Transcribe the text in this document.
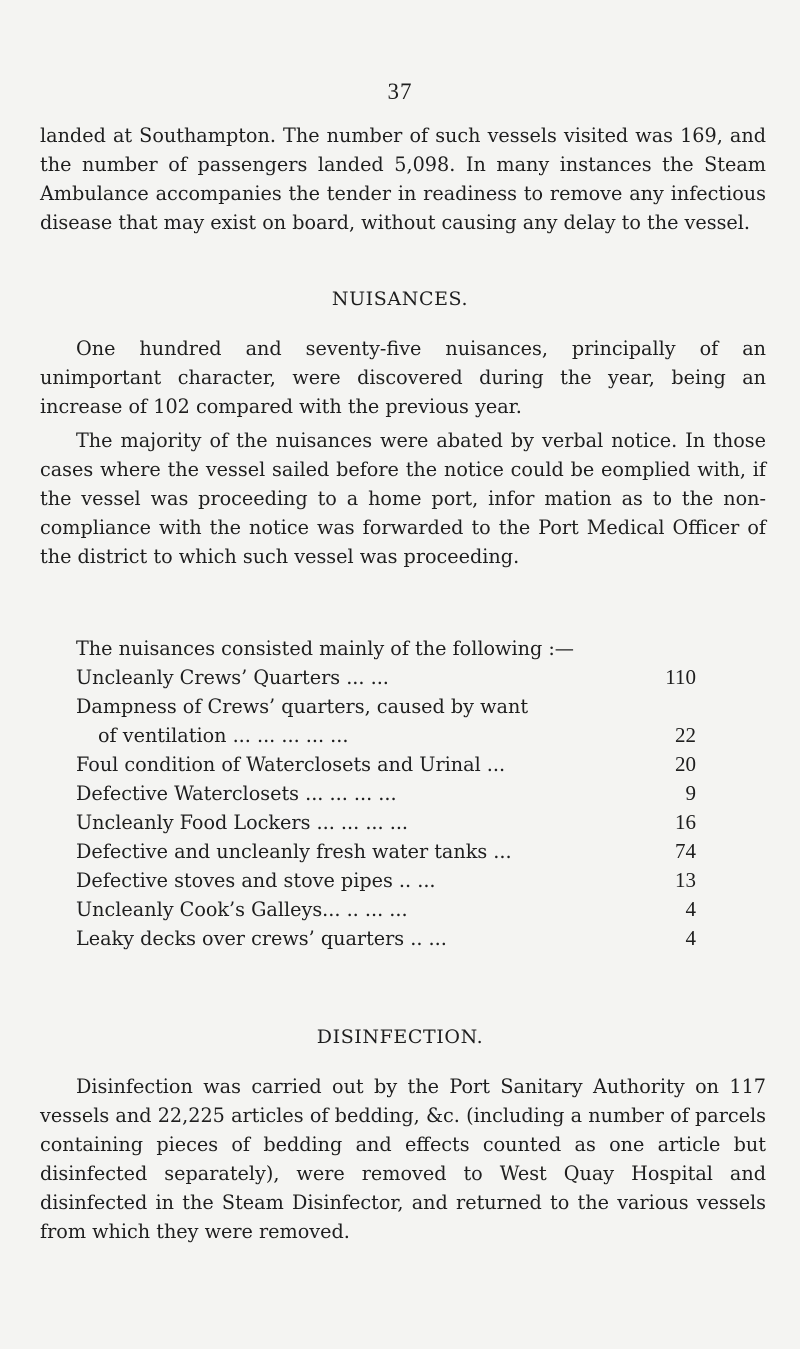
37

landed at Southampton. The number of such vessels visited was 169, and the number of passengers landed 5,098. In many instances the Steam Ambulance accompanies the tender in readiness to remove any infectious disease that may exist on board, without causing any delay to the vessel.

NUISANCES.

One hundred and seventy-five nuisances, principally of an unimportant character, were discovered during the year, being an increase of 102 compared with the previous year.

The majority of the nuisances were abated by verbal notice. In those cases where the vessel sailed before the notice could be eomplied with, if the vessel was proceeding to a home port, infor mation as to the non-compliance with the notice was forwarded to the Port Medical Officer of the district to which such vessel was proceeding.

The nuisances consisted mainly of the following :—

Uncleanly Crews’ Quarters ... ...	110
Dampness of Crews’ quarters, caused by want
of ventilation ... ... ... ... ...	22
Foul condition of Waterclosets and Urinal ...	20
Defective Waterclosets ... ... ... ...	9
Uncleanly Food Lockers ... ... ... ...	16
Defective and uncleanly fresh water tanks ...	74
Defective stoves and stove pipes .. ...	13
Uncleanly Cook’s Galleys... .. ... ...	4
Leaky decks over crews’ quarters .. ...	4
DISINFECTION.

Disinfection was carried out by the Port Sanitary Authority on 117 vessels and 22,225 articles of bedding, &c. (including a number of parcels containing pieces of bedding and effects counted as one article but disinfected separately), were removed to West Quay Hospital and disinfected in the Steam Disinfector, and returned to the various vessels from which they were removed.
